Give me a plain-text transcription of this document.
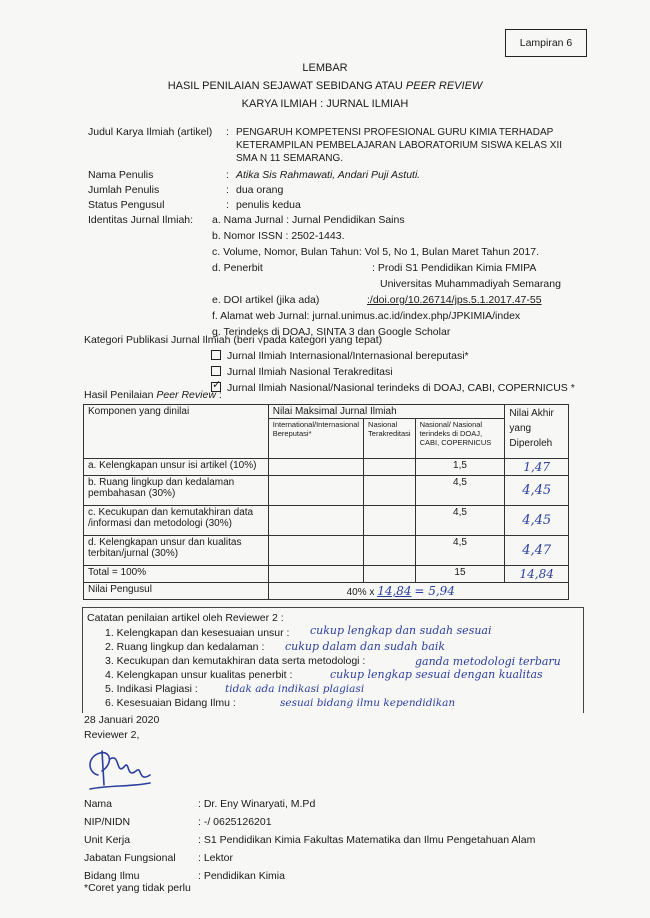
Lampiran 6
LEMBAR
HASIL PENILAIAN SEJAWAT SEBIDANG ATAU PEER REVIEW
KARYA ILMIAH : JURNAL ILMIAH
Judul Karya Ilmiah (artikel)	: PENGARUH KOMPETENSI PROFESIONAL GURU KIMIA TERHADAP KETERAMPILAN PEMBELAJARAN LABORATORIUM SISWA KELAS XII SMA N 11 SEMARANG.
Nama Penulis	: Atika Sis Rahmawati, Andari Puji Astuti.
Jumlah Penulis	: dua orang
Status Pengusul	: penulis kedua
Identitas Jurnal Ilmiah:	a. Nama Jurnal : Jurnal Pendidikan Sains
b. Nomor ISSN : 2502-1443.
c. Volume, Nomor, Bulan Tahun: Vol 5, No 1, Bulan Maret Tahun 2017.
d. Penerbit	: Prodi S1 Pendidikan Kimia FMIPA
Universitas Muhammadiyah Semarang
e. DOI artikel (jika ada)	:/doi.org/10.26714/jps.5.1.2017.47-55
f. Alamat web Jurnal: jurnal.unimus.ac.id/index.php/JPKIMIA/index
g. Terindeks di DOAJ, SINTA 3 dan Google Scholar
Kategori Publikasi Jurnal Ilmiah (beri √pada kategori yang tepat)
Jurnal Ilmiah Internasional/Internasional bereputasi*
Jurnal Ilmiah Nasional Terakreditasi
✓ Jurnal Ilmiah Nasional/Nasional terindeks di DOAJ, CABI, COPERNICUS *
Hasil Penilaian Peer Review :
Komponen yang dinilai	Nilai Maksimal Jurnal Ilmiah			Nilai Akhir yang Diperoleh
	International/Internasional Bereputasi*	Nasional Terakreditasi	Nasional/ Nasional terindeks di DOAJ, CABI, COPERNICUS	
a. Kelengkapan unsur isi artikel (10%)			1,5	1,47
b. Ruang lingkup dan kedalaman pembahasan (30%)			4,5	4,45
c. Kecukupan dan kemutakhiran data /informasi dan metodologi (30%)			4,5	4,45
d. Kelengkapan unsur dan kualitas terbitan/jurnal (30%)			4,5	4,47
Total = 100%			15	14,84
Nilai Pengusul	40% x 14,84 = 5,94			
Catatan penilaian artikel oleh Reviewer 2 :
1. Kelengkapan dan kesesuaian unsur : cukup lengkap dan sudah sesuai
2. Ruang lingkup dan kedalaman : cukup dalam dan sudah baik
3. Kecukupan dan kemutakhiran data serta metodologi :	ganda metodologi terbaru
4. Kelengkapan unsur kualitas penerbit :	cukup lengkap sesuai dengan kualitas
5. Indikasi Plagiasi :	tidak ada indikasi plagiasi
6. Kesesuaian Bidang Ilmu :	sesuai bidang ilmu kependidikan
28 Januari 2020
Reviewer 2,
Nama	: Dr. Eny Winaryati, M.Pd
NIP/NIDN	: -/ 0625126201
Unit Kerja	: S1 Pendidikan Kimia Fakultas Matematika dan Ilmu Pengetahuan Alam
Jabatan Fungsional	: Lektor
Bidang Ilmu	: Pendidikan Kimia
*Coret yang tidak perlu
